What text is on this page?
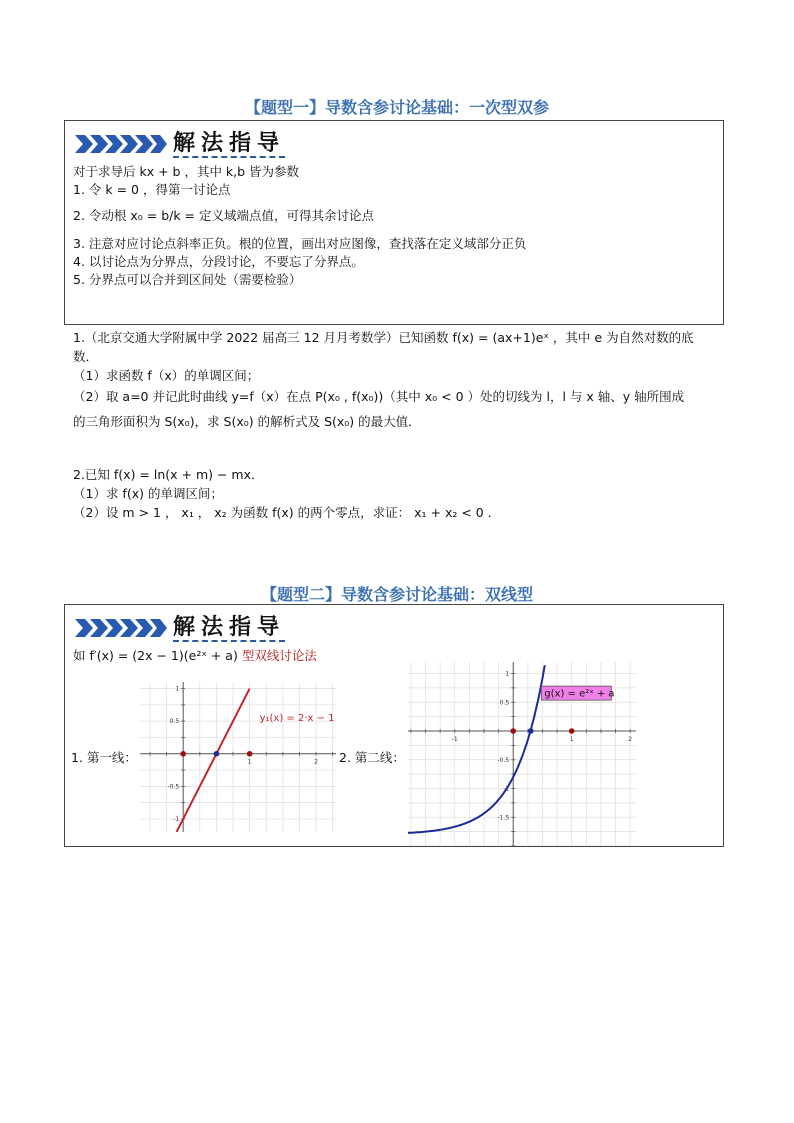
【题型一】导数含参讨论基础：一次型双参
解法指导
对于求导后 kx + b ，其中 k,b 皆为参数
1. 令 k = 0 ，得第一讨论点
2. 令动根 x₀ = b/k = 定义域端点值，可得其余讨论点
3. 注意对应讨论点斜率正负。根的位置，画出对应图像，查找落在定义域部分正负
4. 以讨论点为分界点，分段讨论，不要忘了分界点。
5. 分界点可以合并到区间处（需要检验）
1.（北京交通大学附属中学 2022 届高三 12 月月考数学）已知函数 f(x) = (ax+1)eˣ ，其中 e 为自然对数的底
数．
（1）求函数 f（x）的单调区间；
（2）取 a=0 并记此时曲线 y=f（x）在点 P(x₀ , f(x₀))（其中 x₀ < 0 ）处的切线为 l，l 与 x 轴、y 轴所围成
的三角形面积为 S(x₀)，求 S(x₀) 的解析式及 S(x₀) 的最大值．
2.已知 f(x) = ln(x + m) − mx．
（1）求 f(x) 的单调区间；
（2）设 m > 1 ， x₁ ， x₂ 为函数 f(x) 的两个零点，求证： x₁ + x₂ < 0 ．
【题型二】导数含参讨论基础：双线型
解法指导
如 f′(x) = (2x − 1)(e²ˣ + a) 型双线讨论法
1. 第一线：	2. 第二线：
1	2
1
0.5
-0.5
-1
y₁(x) = 2·x − 1
-1	1	2
1
0.5
-0.5
-1
-1.5
g(x) = e²ˣ + a
